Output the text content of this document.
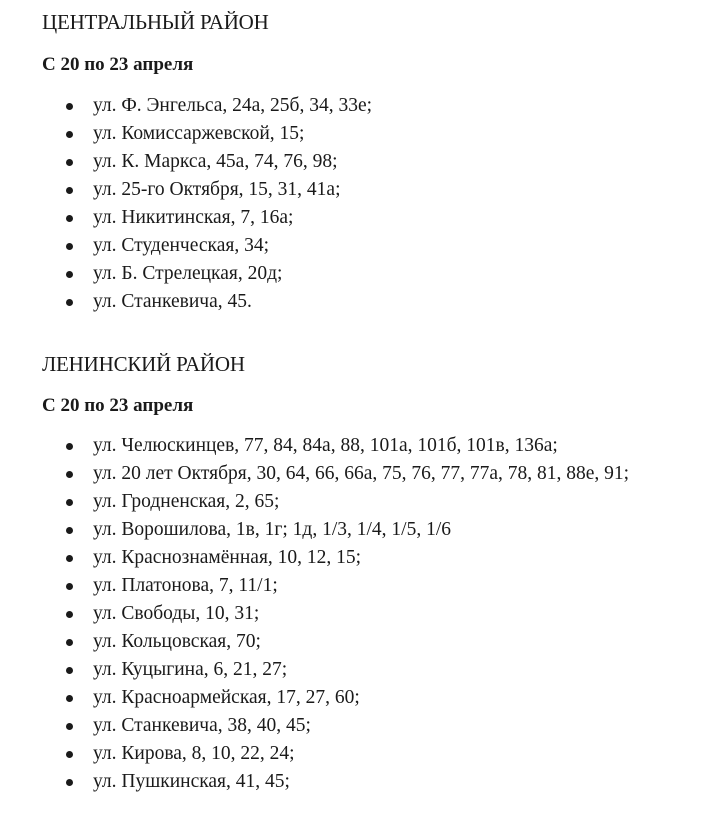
ЦЕНТРАЛЬНЫЙ РАЙОН
С 20 по 23 апреля
ул. Ф. Энгельса, 24а, 25б, 34, 33е;
ул. Комиссаржевской, 15;
ул. К. Маркса, 45а, 74, 76, 98;
ул. 25-го Октября, 15, 31, 41а;
ул. Никитинская, 7, 16а;
ул. Студенческая, 34;
ул. Б. Стрелецкая, 20д;
ул. Станкевича, 45.
ЛЕНИНСКИЙ РАЙОН
С 20 по 23 апреля
ул. Челюскинцев, 77, 84, 84а, 88, 101а, 101б, 101в, 136а;
ул. 20 лет Октября, 30, 64, 66, 66а, 75, 76, 77, 77а, 78, 81, 88е, 91;
ул. Гродненская, 2, 65;
ул. Ворошилова, 1в, 1г; 1д, 1/3, 1/4, 1/5, 1/6
ул. Краснознамённая, 10, 12, 15;
ул. Платонова, 7, 11/1;
ул. Свободы, 10, 31;
ул. Кольцовская, 70;
ул. Куцыгина, 6, 21, 27;
ул. Красноармейская, 17, 27, 60;
ул. Станкевича, 38, 40, 45;
ул. Кирова, 8, 10, 22, 24;
ул. Пушкинская, 41, 45;
